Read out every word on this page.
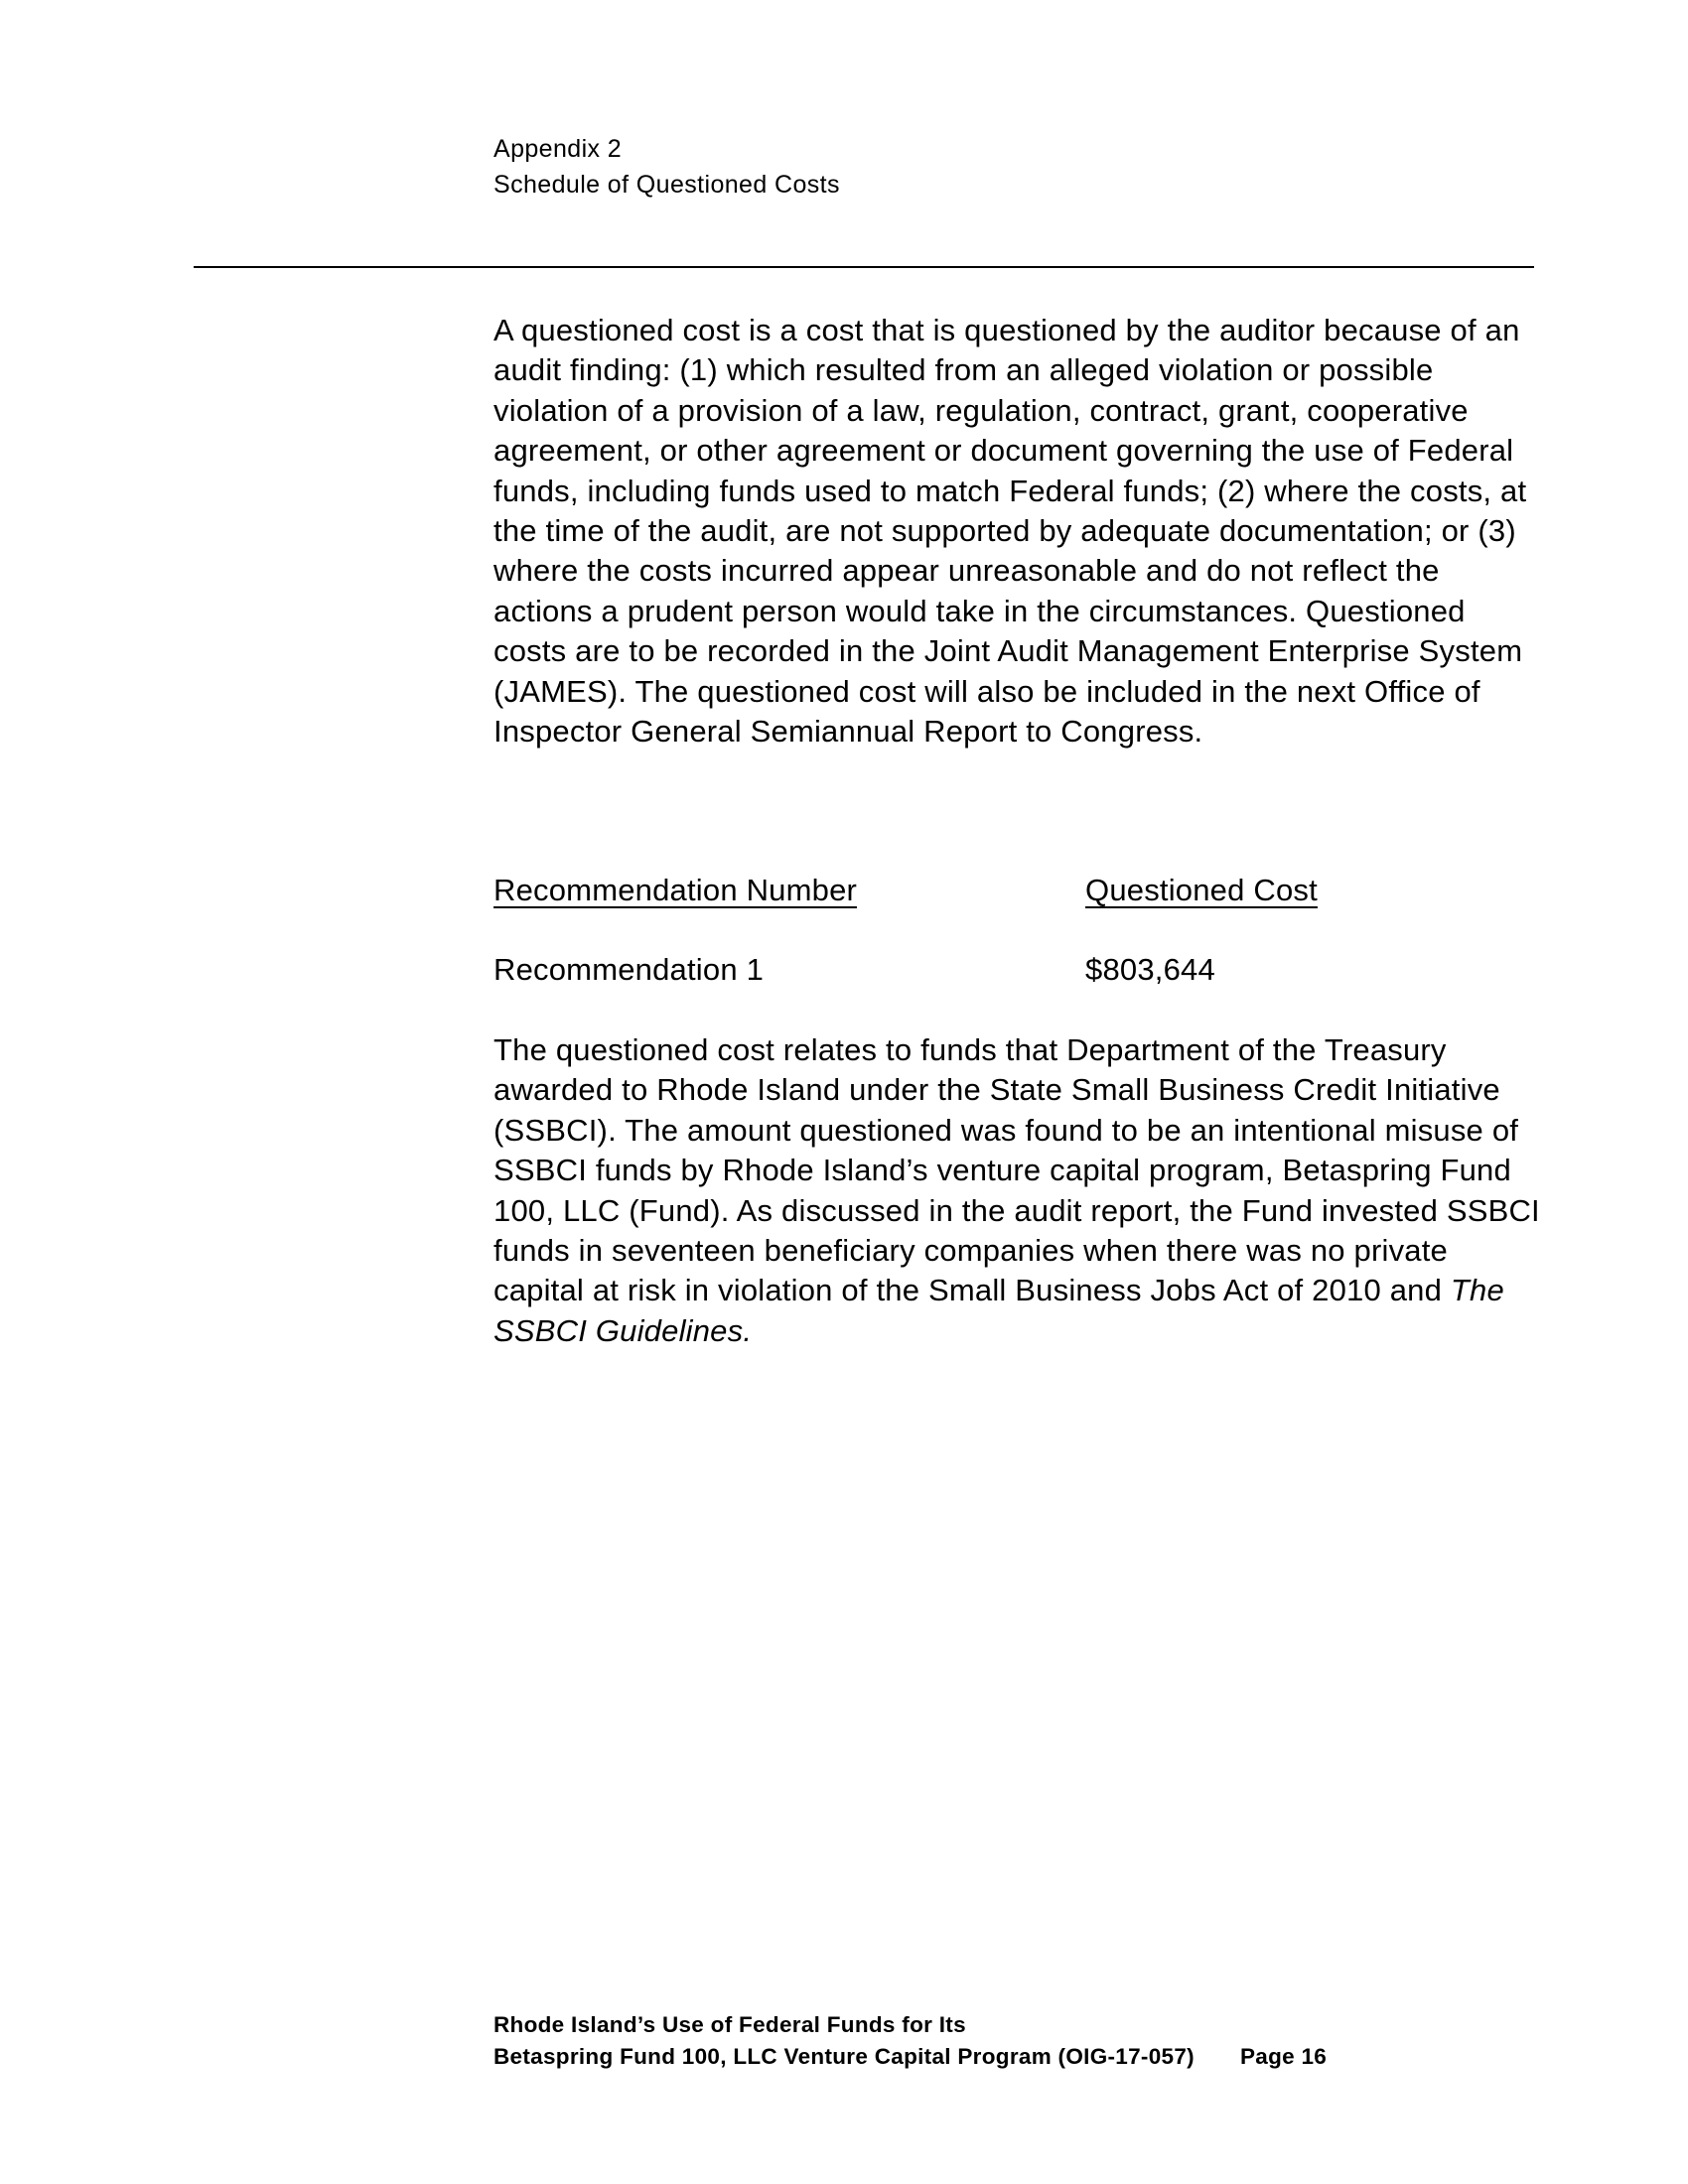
Appendix 2
Schedule of Questioned Costs

A questioned cost is a cost that is questioned by the auditor because of an audit finding: (1) which resulted from an alleged violation or possible violation of a provision of a law, regulation, contract, grant, cooperative agreement, or other agreement or document governing the use of Federal funds, including funds used to match Federal funds; (2) where the costs, at the time of the audit, are not supported by adequate documentation; or (3) where the costs incurred appear unreasonable and do not reflect the actions a prudent person would take in the circumstances. Questioned costs are to be recorded in the Joint Audit Management Enterprise System (JAMES). The questioned cost will also be included in the next Office of Inspector General Semiannual Report to Congress.

Recommendation Number	Questioned Cost
Recommendation 1	$803,644

The questioned cost relates to funds that Department of the Treasury awarded to Rhode Island under the State Small Business Credit Initiative (SSBCI). The amount questioned was found to be an intentional misuse of SSBCI funds by Rhode Island’s venture capital program, Betaspring Fund 100, LLC (Fund). As discussed in the audit report, the Fund invested SSBCI funds in seventeen beneficiary companies when there was no private capital at risk in violation of the Small Business Jobs Act of 2010 and The SSBCI Guidelines.

Rhode Island’s Use of Federal Funds for Its
Betaspring Fund 100, LLC Venture Capital Program (OIG-17-057) Page 16
